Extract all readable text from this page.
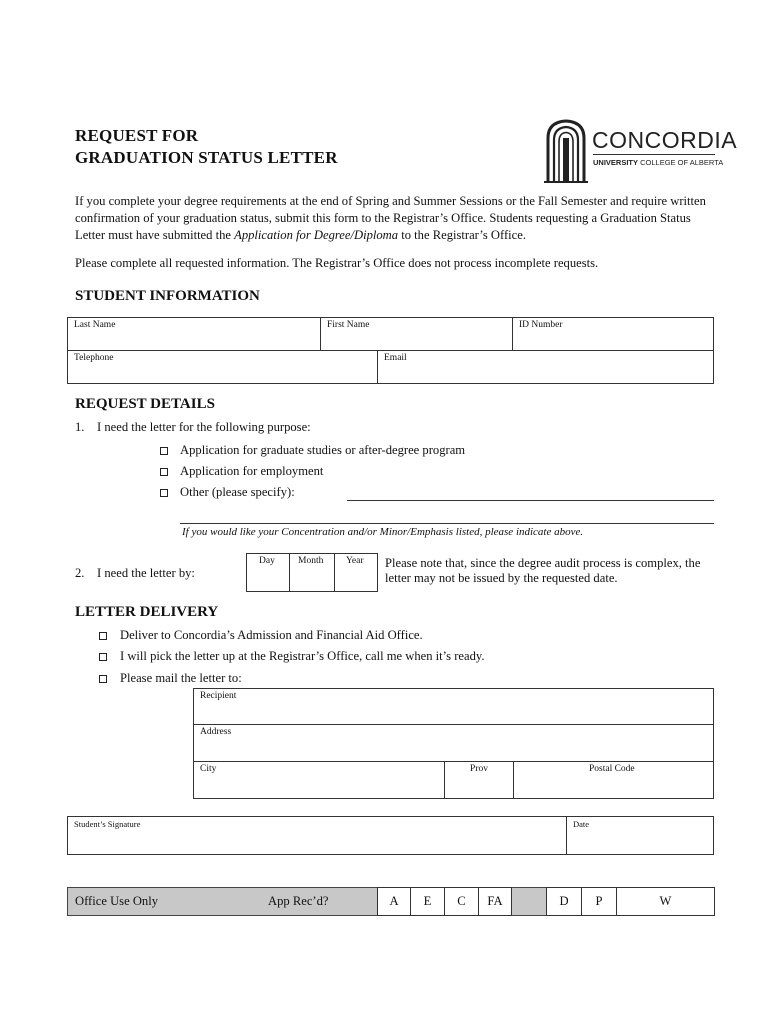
REQUEST FOR
GRADUATION STATUS LETTER
CONCORDIA
UNIVERSITY COLLEGE OF ALBERTA
If you complete your degree requirements at the end of Spring and Summer Sessions or the Fall Semester and require written
confirmation of your graduation status, submit this form to the Registrar’s Office. Students requesting a Graduation Status
Letter must have submitted the Application for Degree/Diploma to the Registrar’s Office.
Please complete all requested information. The Registrar’s Office does not process incomplete requests.
STUDENT INFORMATION
Last Name	First Name	ID Number
Telephone	Email
REQUEST DETAILS
1. I need the letter for the following purpose:
Application for graduate studies or after-degree program
Application for employment
Other (please specify):
If you would like your Concentration and/or Minor/Emphasis listed, please indicate above.
2. I need the letter by:
Day Month Year Please note that, since the degree audit process is complex, the
letter may not be issued by the requested date.
LETTER DELIVERY
Deliver to Concordia’s Admission and Financial Aid Office.
I will pick the letter up at the Registrar’s Office, call me when it’s ready.
Please mail the letter to:
Recipient
Address
City	Prov	Postal Code
Student’s Signature	Date
Office Use Only	App Rec’d?	A	E	C	FA	D	P	W
